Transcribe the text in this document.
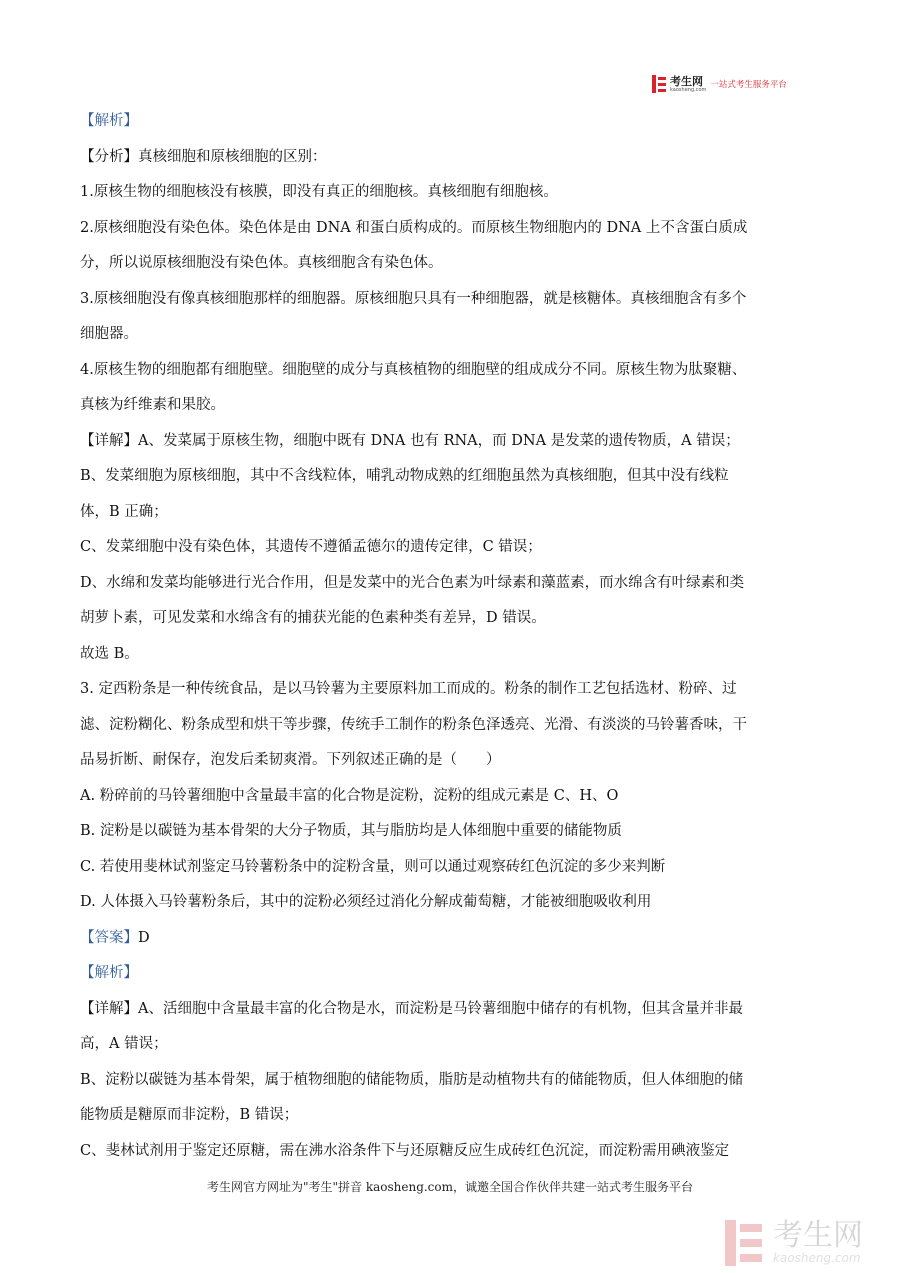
考生网
kaosheng.com 一站式考生服务平台
【解析】
【分析】真核细胞和原核细胞的区别：
1.原核生物的细胞核没有核膜，即没有真正的细胞核。真核细胞有细胞核。
2.原核细胞没有染色体。染色体是由 DNA 和蛋白质构成的。而原核生物细胞内的 DNA 上不含蛋白质成
分，所以说原核细胞没有染色体。真核细胞含有染色体。
3.原核细胞没有像真核细胞那样的细胞器。原核细胞只具有一种细胞器，就是核糖体。真核细胞含有多个
细胞器。
4.原核生物的细胞都有细胞壁。细胞壁的成分与真核植物的细胞壁的组成成分不同。原核生物为肽聚糖、
真核为纤维素和果胶。
【详解】A、发菜属于原核生物，细胞中既有 DNA 也有 RNA，而 DNA 是发菜的遗传物质，A 错误；
B、发菜细胞为原核细胞，其中不含线粒体，哺乳动物成熟的红细胞虽然为真核细胞，但其中没有线粒
体，B 正确；
C、发菜细胞中没有染色体，其遗传不遵循孟德尔的遗传定律，C 错误；
D、水绵和发菜均能够进行光合作用，但是发菜中的光合色素为叶绿素和藻蓝素，而水绵含有叶绿素和类
胡萝卜素，可见发菜和水绵含有的捕获光能的色素种类有差异，D 错误。
故选 B。
3. 定西粉条是一种传统食品，是以马铃薯为主要原料加工而成的。粉条的制作工艺包括选材、粉碎、过
滤、淀粉糊化、粉条成型和烘干等步骤，传统手工制作的粉条色泽透亮、光滑、有淡淡的马铃薯香味，干
品易折断、耐保存，泡发后柔韧爽滑。下列叙述正确的是（　　）
A. 粉碎前的马铃薯细胞中含量最丰富的化合物是淀粉，淀粉的组成元素是 C、H、O
B. 淀粉是以碳链为基本骨架的大分子物质，其与脂肪均是人体细胞中重要的储能物质
C. 若使用斐林试剂鉴定马铃薯粉条中的淀粉含量，则可以通过观察砖红色沉淀的多少来判断
D. 人体摄入马铃薯粉条后，其中的淀粉必须经过消化分解成葡萄糖，才能被细胞吸收利用
【答案】D
【解析】
【详解】A、活细胞中含量最丰富的化合物是水，而淀粉是马铃薯细胞中储存的有机物，但其含量并非最
高，A 错误；
B、淀粉以碳链为基本骨架，属于植物细胞的储能物质，脂肪是动植物共有的储能物质，但人体细胞的储
能物质是糖原而非淀粉，B 错误；
C、斐林试剂用于鉴定还原糖，需在沸水浴条件下与还原糖反应生成砖红色沉淀，而淀粉需用碘液鉴定
考生网官方网址为"考生"拼音 kaosheng.com，诚邀全国合作伙伴共建一站式考生服务平台
考生网
kaosheng.com
